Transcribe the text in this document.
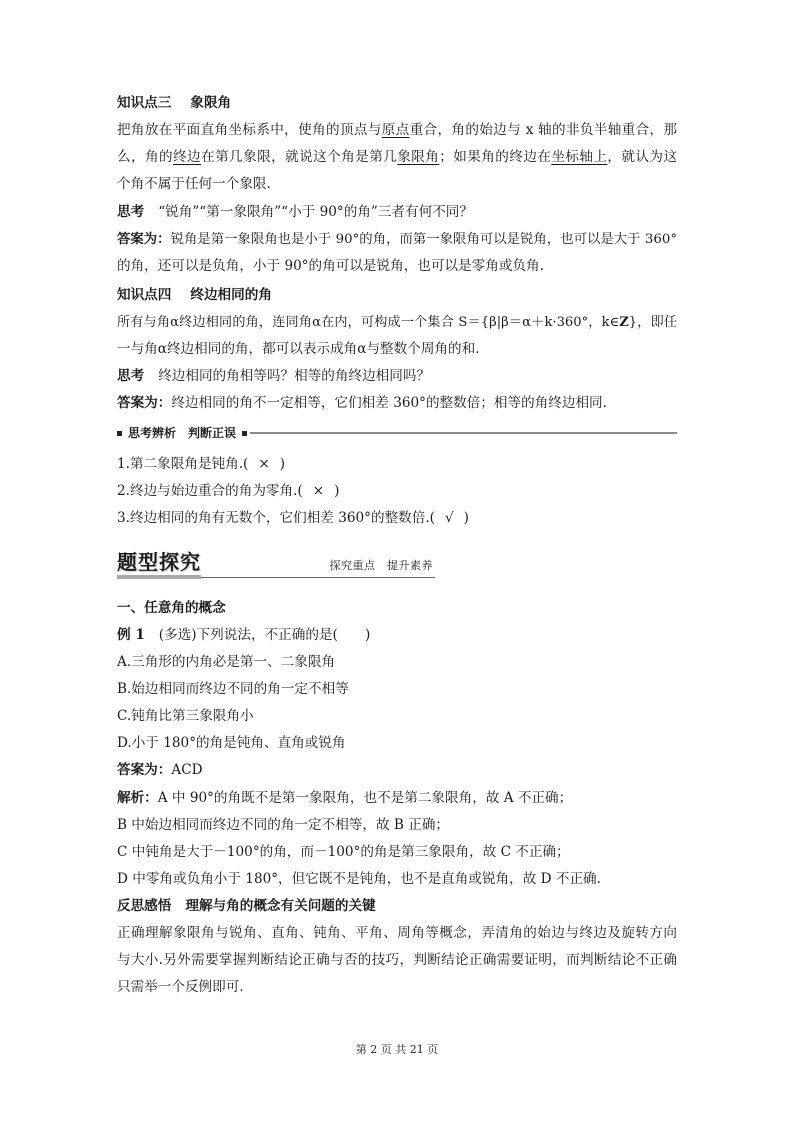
知识点三 象限角
把角放在平面直角坐标系中，使角的顶点与原点重合，角的始边与 x 轴的非负半轴重合，那
么，角的终边在第几象限，就说这个角是第几象限角；如果角的终边在坐标轴上，就认为这
个角不属于任何一个象限.
思考 “锐角”“第一象限角”“小于 90°的角”三者有何不同？
答案为：锐角是第一象限角也是小于 90°的角，而第一象限角可以是锐角，也可以是大于 360°
的角，还可以是负角，小于 90°的角可以是锐角，也可以是零角或负角.
知识点四 终边相同的角
所有与角α终边相同的角，连同角α在内，可构成一个集合 S＝{β|β＝α＋k·360°，k∈Z}，即任
一与角α终边相同的角，都可以表示成角α与整数个周角的和.
思考 终边相同的角相等吗？相等的角终边相同吗？
答案为：终边相同的角不一定相等，它们相差 360°的整数倍；相等的角终边相同.
思考辨析　判断正误
1.第二象限角是钝角.( × )
2.终边与始边重合的角为零角.( × )
3.终边相同的角有无数个，它们相差 360°的整数倍.( √ )
题型探究	探究重点　提升素养
一、任意角的概念
例 1 (多选)下列说法，不正确的是(　　)
A.三角形的内角必是第一、二象限角
B.始边相同而终边不同的角一定不相等
C.钝角比第三象限角小
D.小于 180°的角是钝角、直角或锐角
答案为：ACD
解析：A 中 90°的角既不是第一象限角，也不是第二象限角，故 A 不正确；
B 中始边相同而终边不同的角一定不相等，故 B 正确；
C 中钝角是大于－100°的角，而－100°的角是第三象限角，故 C 不正确；
D 中零角或负角小于 180°，但它既不是钝角，也不是直角或锐角，故 D 不正确.
反思感悟 理解与角的概念有关问题的关键
正确理解象限角与锐角、直角、钝角、平角、周角等概念，弄清角的始边与终边及旋转方向
与大小.另外需要掌握判断结论正确与否的技巧，判断结论正确需要证明，而判断结论不正确
只需举一个反例即可.
第 2 页 共 21 页
